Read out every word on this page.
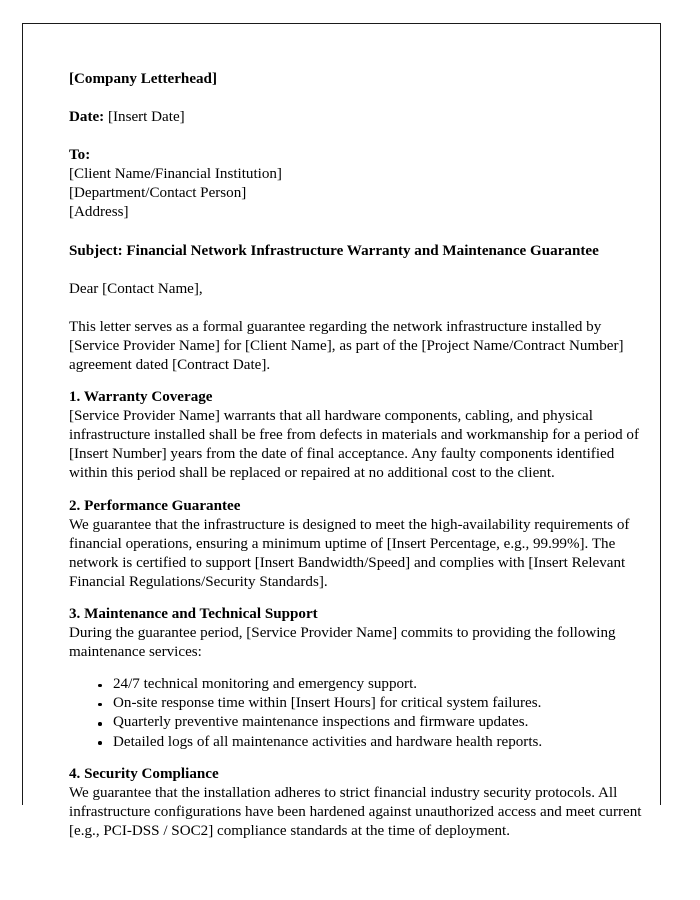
[Company Letterhead]

Date: [Insert Date]

To:

[Client Name/Financial Institution]

[Department/Contact Person]

[Address]

Subject: Financial Network Infrastructure Warranty and Maintenance Guarantee

Dear [Contact Name],

This letter serves as a formal guarantee regarding the network infrastructure installed by [Service Provider Name] for [Client Name], as part of the [Project Name/Contract Number] agreement dated [Contract Date].

1. Warranty Coverage

[Service Provider Name] warrants that all hardware components, cabling, and physical infrastructure installed shall be free from defects in materials and workmanship for a period of [Insert Number] years from the date of final acceptance. Any faulty components identified within this period shall be replaced or repaired at no additional cost to the client.

2. Performance Guarantee

We guarantee that the infrastructure is designed to meet the high-availability requirements of financial operations, ensuring a minimum uptime of [Insert Percentage, e.g., 99.99%]. The network is certified to support [Insert Bandwidth/Speed] and complies with [Insert Relevant Financial Regulations/Security Standards].

3. Maintenance and Technical Support

During the guarantee period, [Service Provider Name] commits to providing the following maintenance services:

24/7 technical monitoring and emergency support.
On-site response time within [Insert Hours] for critical system failures.
Quarterly preventive maintenance inspections and firmware updates.
Detailed logs of all maintenance activities and hardware health reports.

4. Security Compliance

We guarantee that the installation adheres to strict financial industry security protocols. All infrastructure configurations have been hardened against unauthorized access and meet current [e.g., PCI-DSS / SOC2] compliance standards at the time of deployment.
